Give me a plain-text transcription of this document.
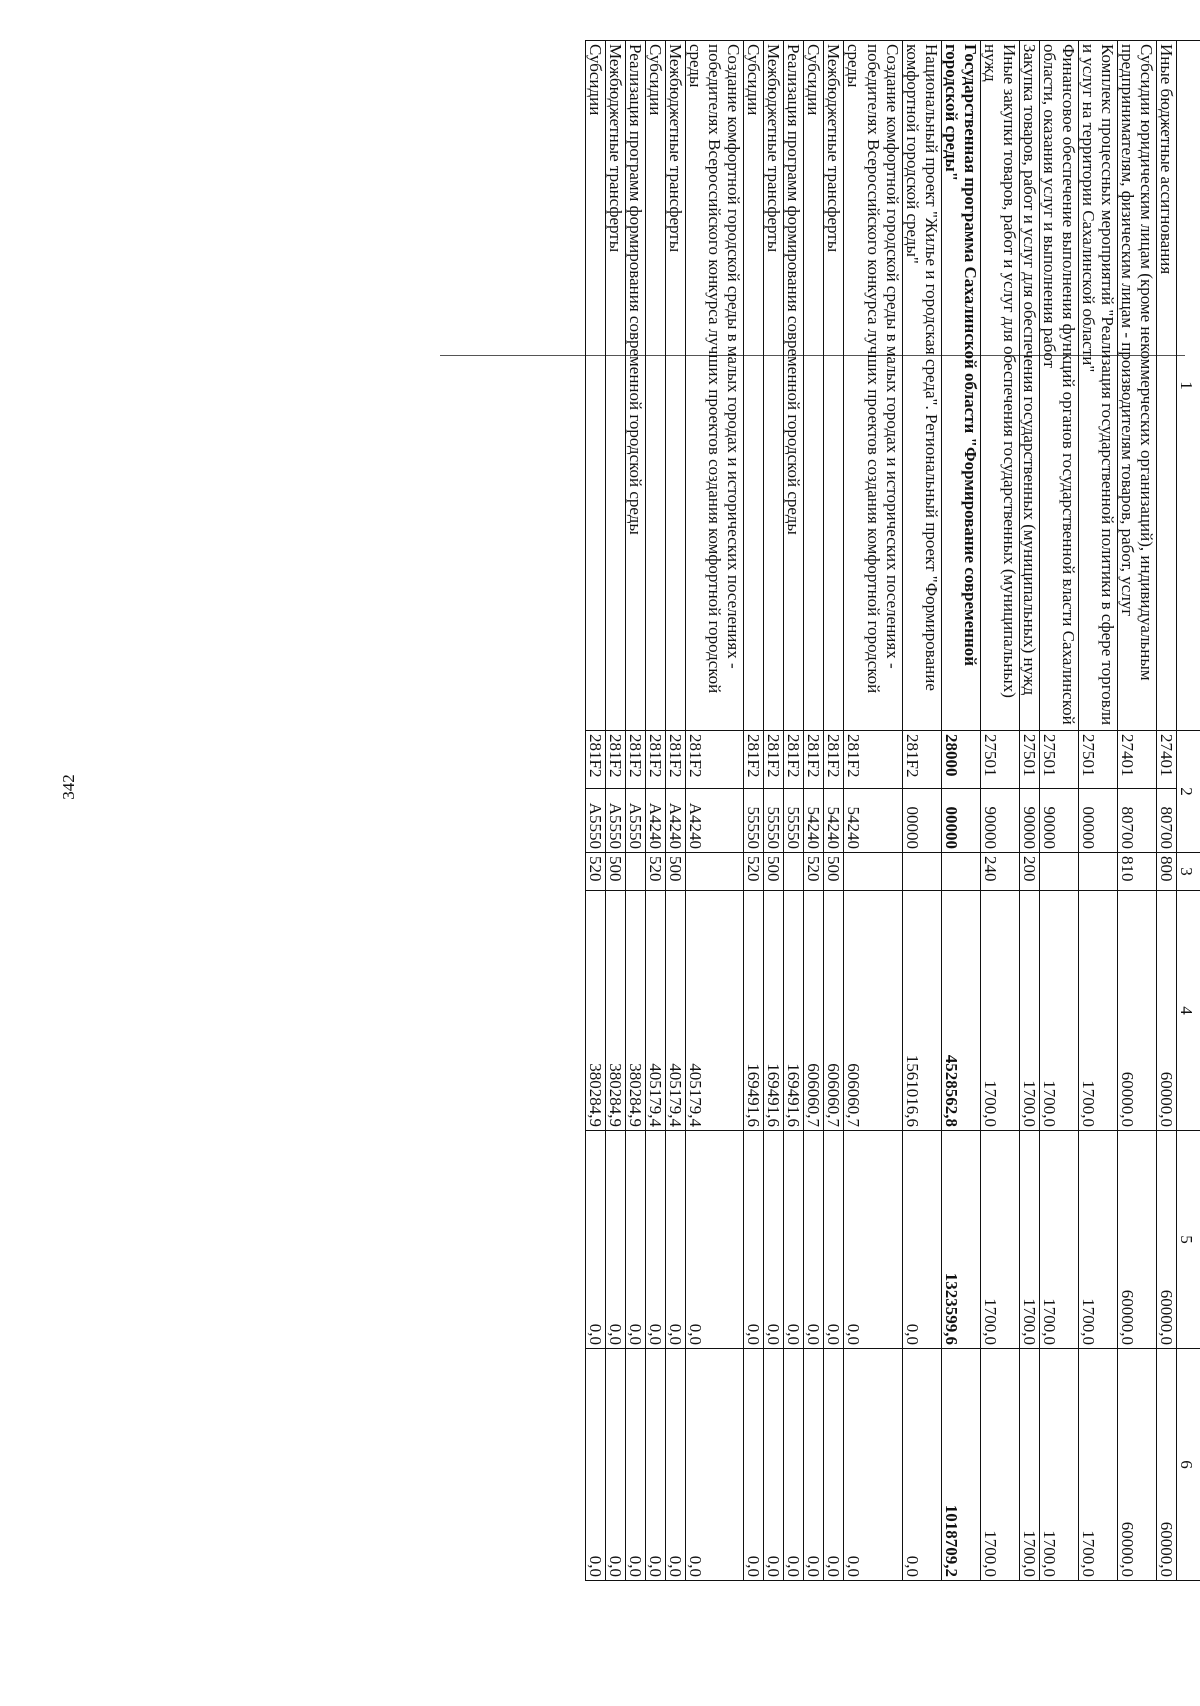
342
1	2		3	4	5	6
Иные бюджетные ассигнования	27401	80700	800	60000,0	60000,0	60000,0
Субсидии юридическим лицам (кроме некоммерческих организаций), индивидуальным предпринимателям, физическим лицам - производителям товаров, работ, услуг	27401	80700	810	60000,0	60000,0	60000,0
Комплекс процессных мероприятий "Реализация государственной политики в сфере торговли и услуг на территории Сахалинской области"	27501	00000		1700,0	1700,0	1700,0
Финансовое обеспечение выполнения функций органов государственной власти Сахалинской области, оказания услуг и выполнения работ	27501	90000		1700,0	1700,0	1700,0
Закупка товаров, работ и услуг для обеспечения государственных (муниципальных) нужд	27501	90000	200	1700,0	1700,0	1700,0
Иные закупки товаров, работ и услуг для обеспечения государственных (муниципальных) нужд	27501	90000	240	1700,0	1700,0	1700,0
Государственная программа Сахалинской области "Формирование современной городской среды"	28000	00000		4528562,8	1323599,6	1018709,2
Национальный проект "Жилье и городская среда". Региональный проект "Формирование комфортной городской среды"	281F2	00000		1561016,6	0,0	0,0
Создание комфортной городской среды в малых городах и исторических поселениях - победителях Всероссийского конкурса лучших проектов создания комфортной городской среды	281F2	54240		606060,7	0,0	0,0
Межбюджетные трансферты	281F2	54240	500	606060,7	0,0	0,0
Субсидии	281F2	54240	520	606060,7	0,0	0,0
Реализация программ формирования современной городской среды	281F2	55550		169491,6	0,0	0,0
Межбюджетные трансферты	281F2	55550	500	169491,6	0,0	0,0
Субсидии	281F2	55550	520	169491,6	0,0	0,0
Создание комфортной городской среды в малых городах и исторических поселениях - победителях Всероссийского конкурса лучших проектов создания комфортной городской среды	281F2	A4240		405179,4	0,0	0,0
Межбюджетные трансферты	281F2	A4240	500	405179,4	0,0	0,0
Субсидии	281F2	A4240	520	405179,4	0,0	0,0
Реализация программ формирования современной городской среды	281F2	A5550		380284,9	0,0	0,0
Межбюджетные трансферты	281F2	A5550	500	380284,9	0,0	0,0
Субсидии	281F2	A5550	520	380284,9	0,0	0,0
